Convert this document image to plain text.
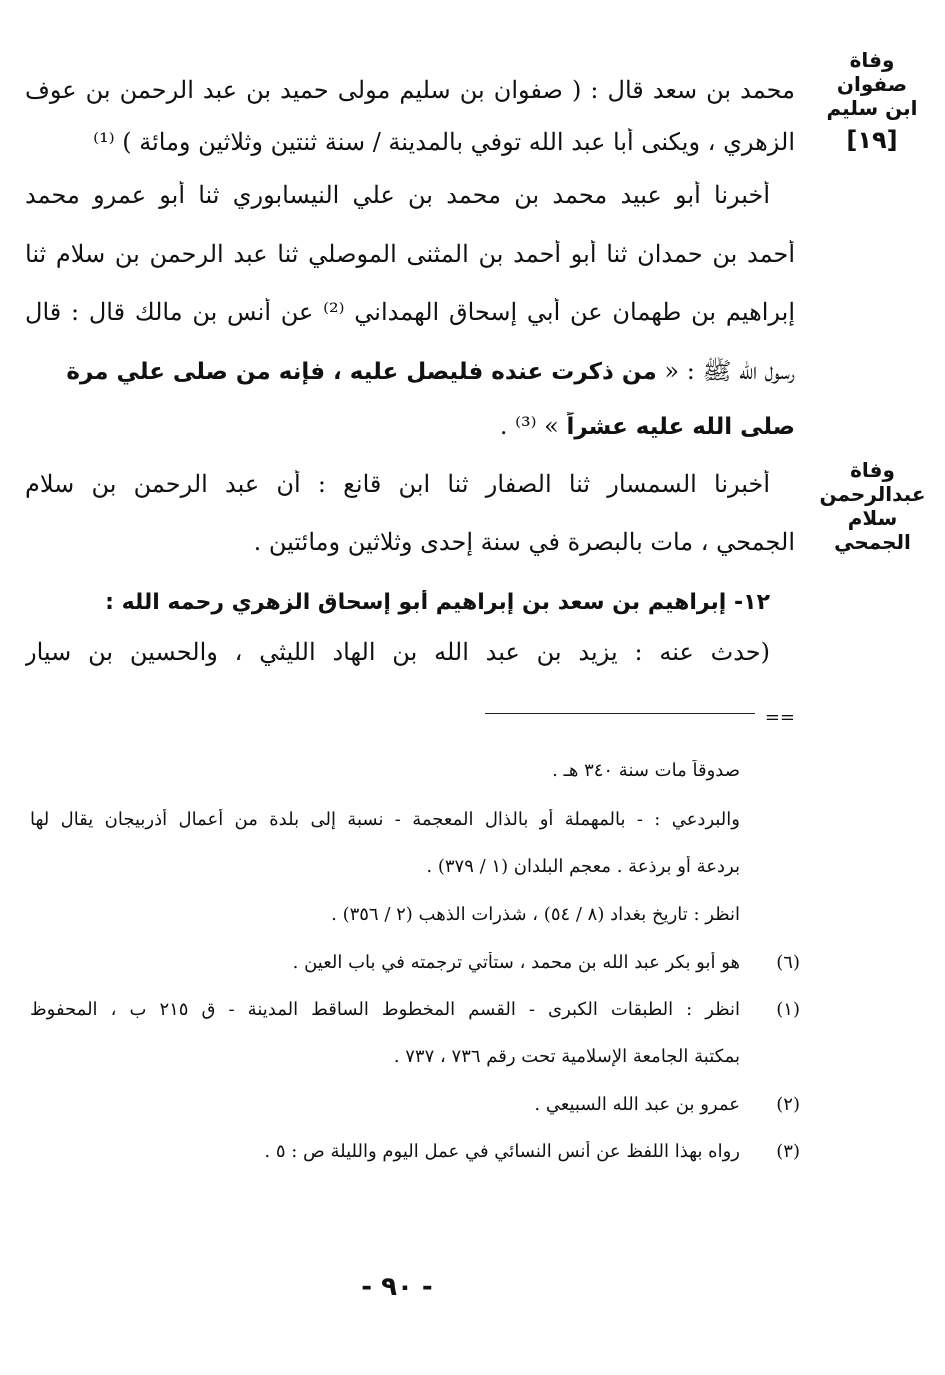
وفاة صفوان
ابن سليم
[١٩]
وفاة
عبدالرحمن
سلام الجمحي
محمد بن سعد قال : ( صفوان بن سليم مولى حميد بن عبد الرحمن بن عوف
الزهري ، ويكنى أبا عبد الله توفي بالمدينة / سنة ثنتين وثلاثين ومائة ) ⁽¹⁾
أخبرنا أبو عبيد محمد بن محمد بن علي النيسابوري ثنا أبو عمرو محمد
أحمد بن حمدان ثنا أبو أحمد بن المثنى الموصلي ثنا عبد الرحمن بن سلام ثنا
إبراهيم بن طهمان عن أبي إسحاق الهمداني ⁽²⁾ عن أنس بن مالك قال : قال
رسول الله ﷺ : « من ذكرت عنده فليصل عليه ، فإنه من صلى علي مرة
صلى الله عليه عشراً » ⁽³⁾ .
أخبرنا السمسار ثنا الصفار ثنا ابن قانع : أن عبد الرحمن بن سلام
الجمحي ، مات بالبصرة في سنة إحدى وثلاثين ومائتين .
١٢- إبراهيم بن سعد بن إبراهيم أبو إسحاق الزهري رحمه الله :
(حدث عنه : يزيد بن عبد الله بن الهاد الليثي ، والحسين بن سيار
==
صدوقاً مات سنة ٣٤٠ هـ .
والبردعي : - بالمهملة أو بالذال المعجمة - نسبة إلى بلدة من أعمال أذربيجان يقال لها
بردعة أو برذعة . معجم البلدان (١ / ٣٧٩) .
انظر : تاريخ بغداد (٨ / ٥٤) ، شذرات الذهب (٢ / ٣٥٦) .
(٦)
هو أبو بكر عبد الله بن محمد ، ستأتي ترجمته في باب العين .
(١)
انظر : الطبقات الكبرى - القسم المخطوط الساقط المدينة - ق ٢١٥ ب ، المحفوظ
بمكتبة الجامعة الإسلامية تحت رقم ٧٣٦ ، ٧٣٧ .
(٢)
عمرو بن عبد الله السبيعي .
(٣)
رواه بهذا اللفظ عن أنس النسائي في عمل اليوم والليلة ص : ٥ .
- ٩٠ -
